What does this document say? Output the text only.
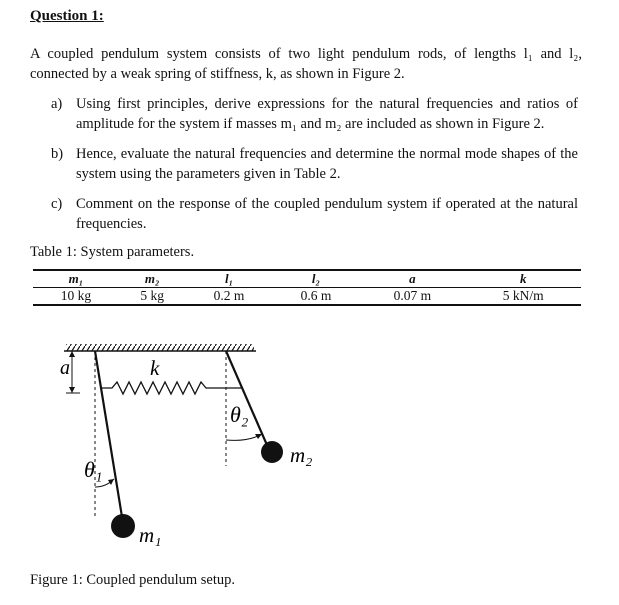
Question 1:
A coupled pendulum system consists of two light pendulum rods, of lengths l₁ and l₂, connected by a weak spring of stiffness, k, as shown in Figure 2.
a) Using first principles, derive expressions for the natural frequencies and ratios of amplitude for the system if masses m₁ and m₂ are included as shown in Figure 2.
b) Hence, evaluate the natural frequencies and determine the normal mode shapes of the system using the parameters given in Table 2.
c) Comment on the response of the coupled pendulum system if operated at the natural frequencies.
Table 1: System parameters.
m₁	m₂	l₁	l₂	a	k
10 kg	5 kg	0.2 m	0.6 m	0.07 m	5 kN/m
a	k
θ₂
θ₁
m₂
m₁
Figure 1: Coupled pendulum setup.
